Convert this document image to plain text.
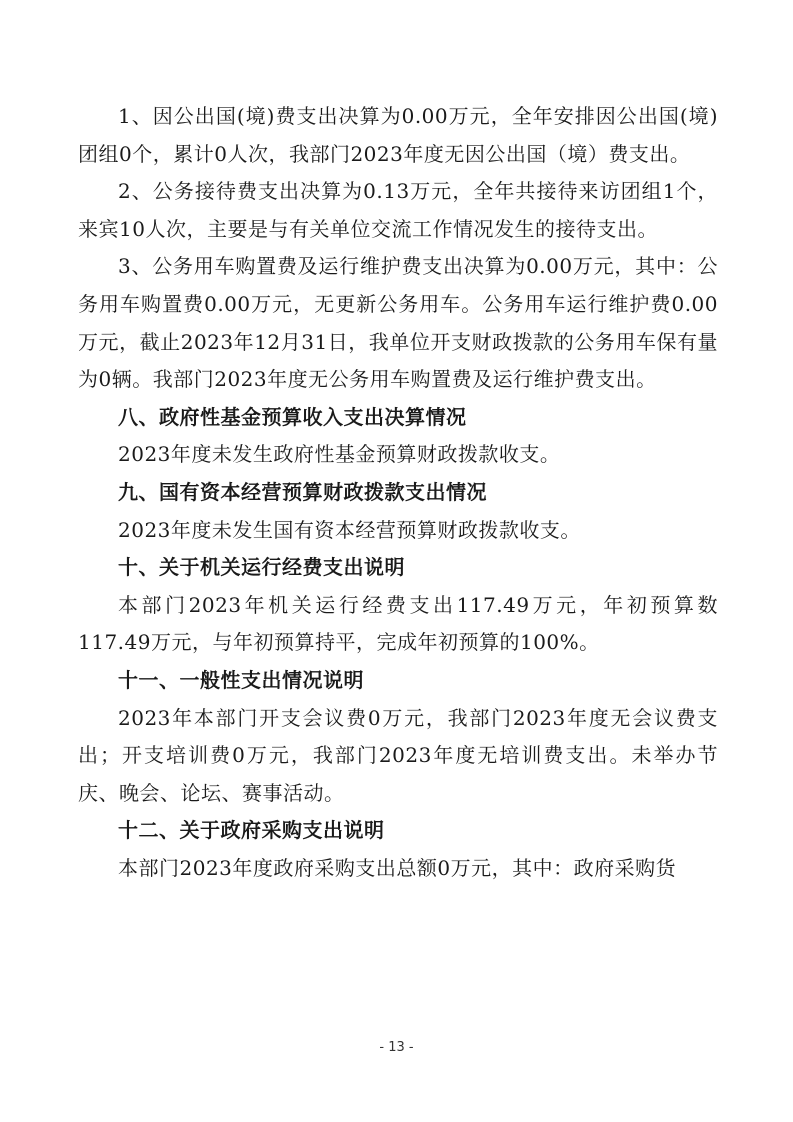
1、因公出国(境)费支出决算为0.00万元，全年安排因公出国(境)团组0个，累计0人次，我部门2023年度无因公出国（境）费支出。

2、公务接待费支出决算为0.13万元，全年共接待来访团组1个，来宾10人次，主要是与有关单位交流工作情况发生的接待支出。

3、公务用车购置费及运行维护费支出决算为0.00万元，其中：公务用车购置费0.00万元，无更新公务用车。公务用车运行维护费0.00万元，截止2023年12月31日，我单位开支财政拨款的公务用车保有量为0辆。我部门2023年度无公务用车购置费及运行维护费支出。

八、政府性基金预算收入支出决算情况

2023年度未发生政府性基金预算财政拨款收支。

九、国有资本经营预算财政拨款支出情况

2023年度未发生国有资本经营预算财政拨款收支。

十、关于机关运行经费支出说明

本部门2023年机关运行经费支出117.49万元，年初预算数117.49万元，与年初预算持平，完成年初预算的100%。

十一、一般性支出情况说明

2023年本部门开支会议费0万元，我部门2023年度无会议费支出；开支培训费0万元，我部门2023年度无培训费支出。未举办节庆、晚会、论坛、赛事活动。

十二、关于政府采购支出说明

本部门2023年度政府采购支出总额0万元，其中：政府采购货

- 13 -
